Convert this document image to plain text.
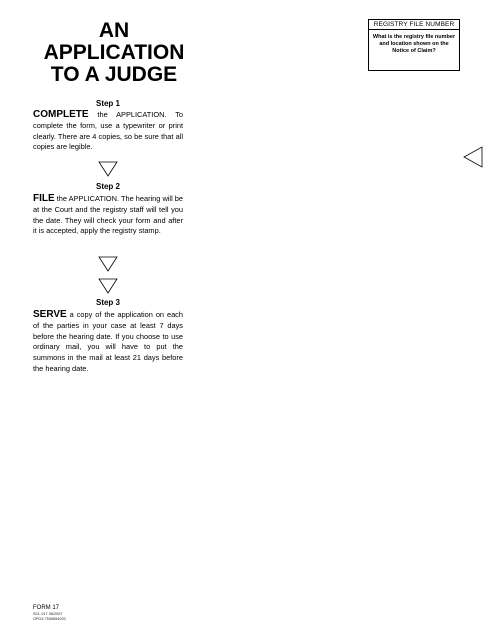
AN
APPLICATION
TO A JUDGE
REGISTRY FILE NUMBER
What is the registry file number and location shown on the Notice of Claim?
Step 1
COMPLETE the APPLICATION. To complete the form, use a typewriter or print clearly. There are 4 copies, so be sure that all copies are legible.
Step 2
FILE the APPLICATION. The hearing will be at the Court and the registry staff will tell you the date. They will check your form and after it is accepted, apply the registry stamp.
Step 3
SERVE a copy of the application on each of the parties in your case at least 7 days before the hearing date. If you choose to use ordinary mail, you will have to put the summons in the mail at least 21 days before the hearing date.
FORM 17
SCL 017 06/2007
OPO4 7530654020
